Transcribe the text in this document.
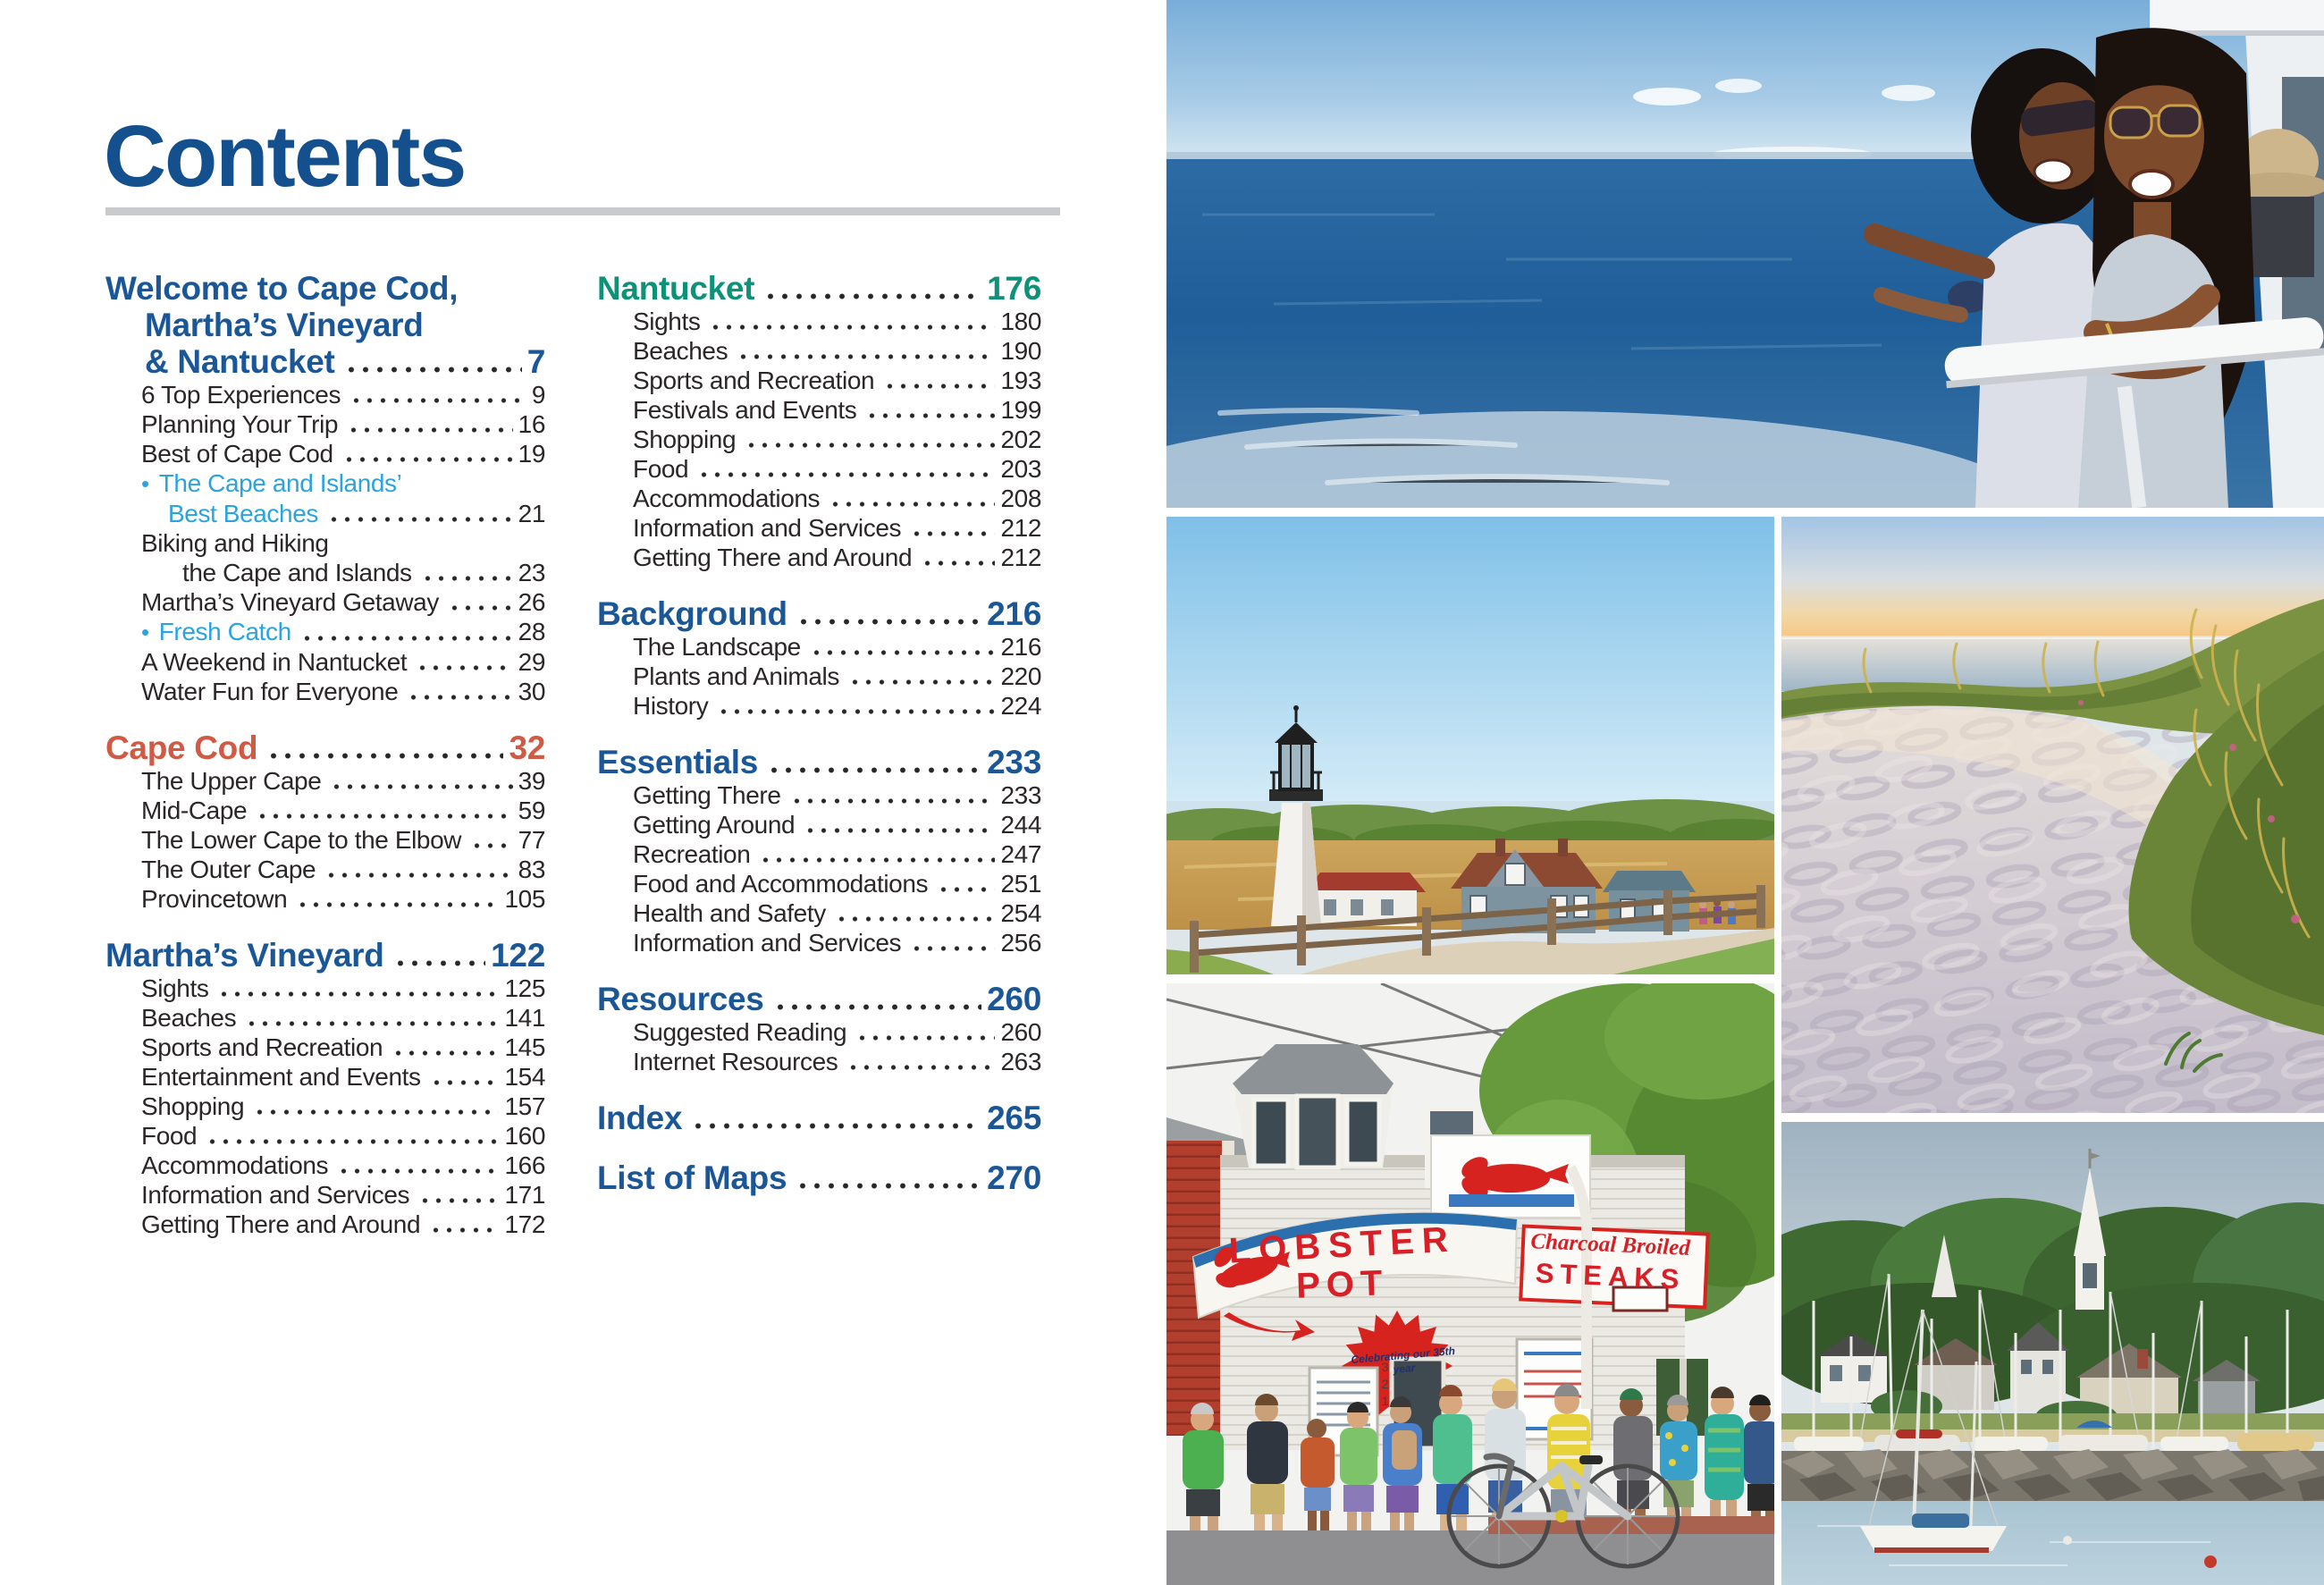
Contents
Welcome to Cape Cod,
Martha’s Vineyard
& Nantucket	7
6 Top Experiences	9
Planning Your Trip	16
Best of Cape Cod	19
• The Cape and Islands’
Best Beaches	21
Biking and Hiking
the Cape and Islands	23
Martha’s Vineyard Getaway	26
• Fresh Catch	28
A Weekend in Nantucket	29
Water Fun for Everyone	30
Cape Cod	32
The Upper Cape	39
Mid-Cape	59
The Lower Cape to the Elbow 77
The Outer Cape	83
Provincetown	105
Martha’s Vineyard	122
Sights	125
Beaches	141
Sports and Recreation	145
Entertainment and Events	154
Shopping	157
Food	160
Accommodations	166
Information and Services	171
Getting There and Around	172
Nantucket	176
Sights	180
Beaches	190
Sports and Recreation	193
Festivals and Events	199
Shopping	202
Food	203
Accommodations	208
Information and Services	212
Getting There and Around	212
Background	216
The Landscape	216
Plants and Animals	220
History	224
Essentials	233
Getting There	233
Getting Around	244
Recreation	247
Food and Accommodations	251
Health and Safety	254
Information and Services	256
Resources	260
Suggested Reading	260
Internet Resources	263
Index	265
List of Maps	270
LOBSTER
POT
Charcoal Broiled
STEAKS
Celebrating our 35th year
321
